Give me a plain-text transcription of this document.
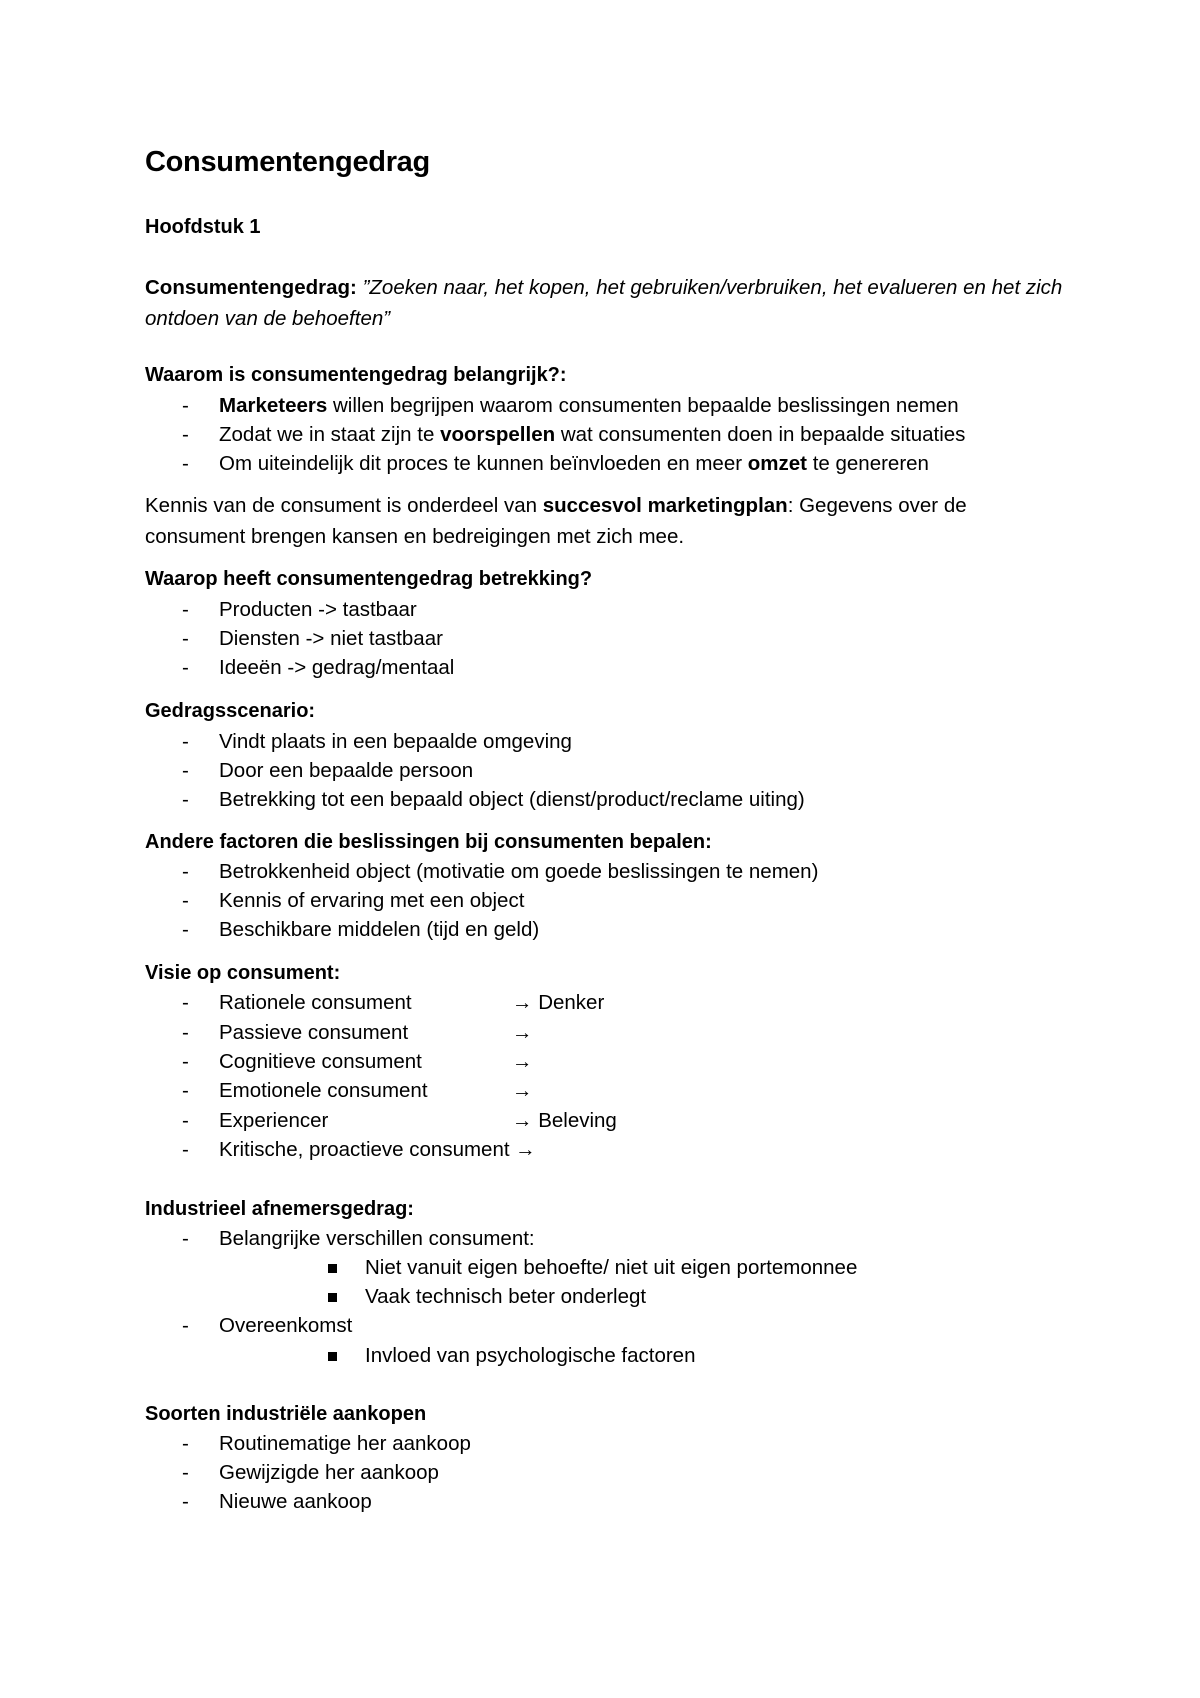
Consumentengedrag
Hoofdstuk 1
Consumentengedrag: ”Zoeken naar, het kopen, het gebruiken/verbruiken, het evalueren en het zich ontdoen van de behoeften”
Waarom is consumentengedrag belangrijk?:
- Marketeers willen begrijpen waarom consumenten bepaalde beslissingen nemen
- Zodat we in staat zijn te voorspellen wat consumenten doen in bepaalde situaties
- Om uiteindelijk dit proces te kunnen beïnvloeden en meer omzet te genereren
Kennis van de consument is onderdeel van succesvol marketingplan: Gegevens over de consument brengen kansen en bedreigingen met zich mee.
Waarop heeft consumentengedrag betrekking?
- Producten -> tastbaar
- Diensten -> niet tastbaar
- Ideeën -> gedrag/mentaal
Gedragsscenario:
- Vindt plaats in een bepaalde omgeving
- Door een bepaalde persoon
- Betrekking tot een bepaald object (dienst/product/reclame uiting)
Andere factoren die beslissingen bij consumenten bepalen:
- Betrokkenheid object (motivatie om goede beslissingen te nemen)
- Kennis of ervaring met een object
- Beschikbare middelen (tijd en geld)
Visie op consument:
- Rationele consument	→ Denker
- Passieve consument	→
- Cognitieve consument	→
- Emotionele consument	→
- Experiencer	→ Beleving
- Kritische, proactieve consument →
Industrieel afnemersgedrag:
- Belangrijke verschillen consument:
Niet vanuit eigen behoefte/ niet uit eigen portemonnee
Vaak technisch beter onderlegt
- Overeenkomst
Invloed van psychologische factoren
Soorten industriële aankopen
- Routinematige her aankoop
- Gewijzigde her aankoop
- Nieuwe aankoop
